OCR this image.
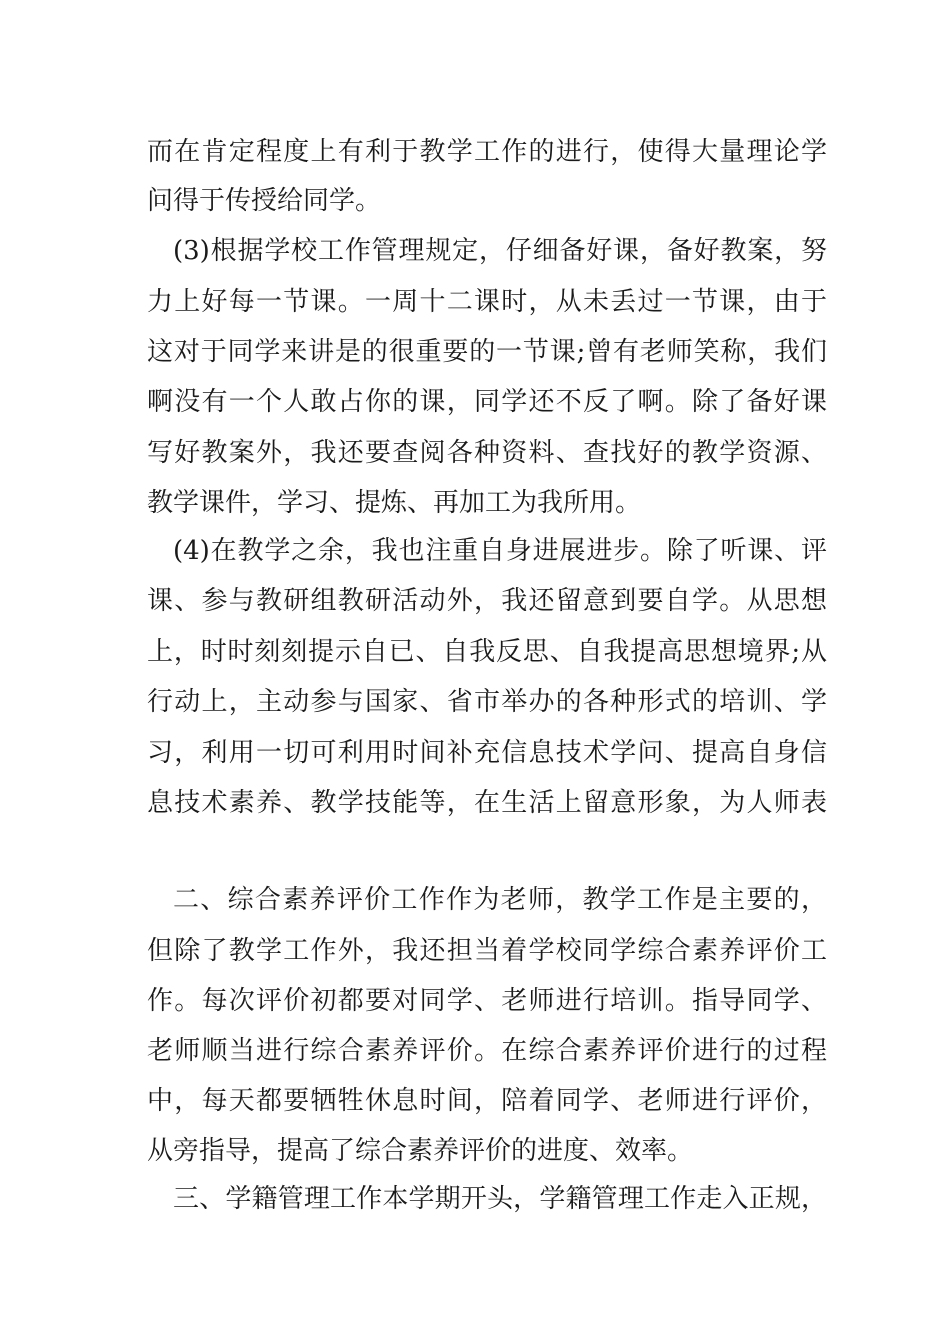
而在肯定程度上有利于教学工作的进行，使得大量理论学
问得于传授给同学。
(3)根据学校工作管理规定，仔细备好课，备好教案，努
力上好每一节课。一周十二课时，从未丢过一节课，由于
这对于同学来讲是的很重要的一节课;曾有老师笑称，我们
啊没有一个人敢占你的课，同学还不反了啊。除了备好课
写好教案外，我还要查阅各种资料、查找好的教学资源、
教学课件，学习、提炼、再加工为我所用。
(4)在教学之余，我也注重自身进展进步。除了听课、评
课、参与教研组教研活动外，我还留意到要自学。从思想
上，时时刻刻提示自已、自我反思、自我提高思想境界;从
行动上，主动参与国家、省市举办的各种形式的培训、学
习，利用一切可利用时间补充信息技术学问、提高自身信
息技术素养、教学技能等，在生活上留意形象，为人师表
二、综合素养评价工作作为老师，教学工作是主要的，
但除了教学工作外，我还担当着学校同学综合素养评价工
作。每次评价初都要对同学、老师进行培训。指导同学、
老师顺当进行综合素养评价。在综合素养评价进行的过程
中，每天都要牺牲休息时间，陪着同学、老师进行评价，
从旁指导，提高了综合素养评价的进度、效率。
三、学籍管理工作本学期开头，学籍管理工作走入正规，
